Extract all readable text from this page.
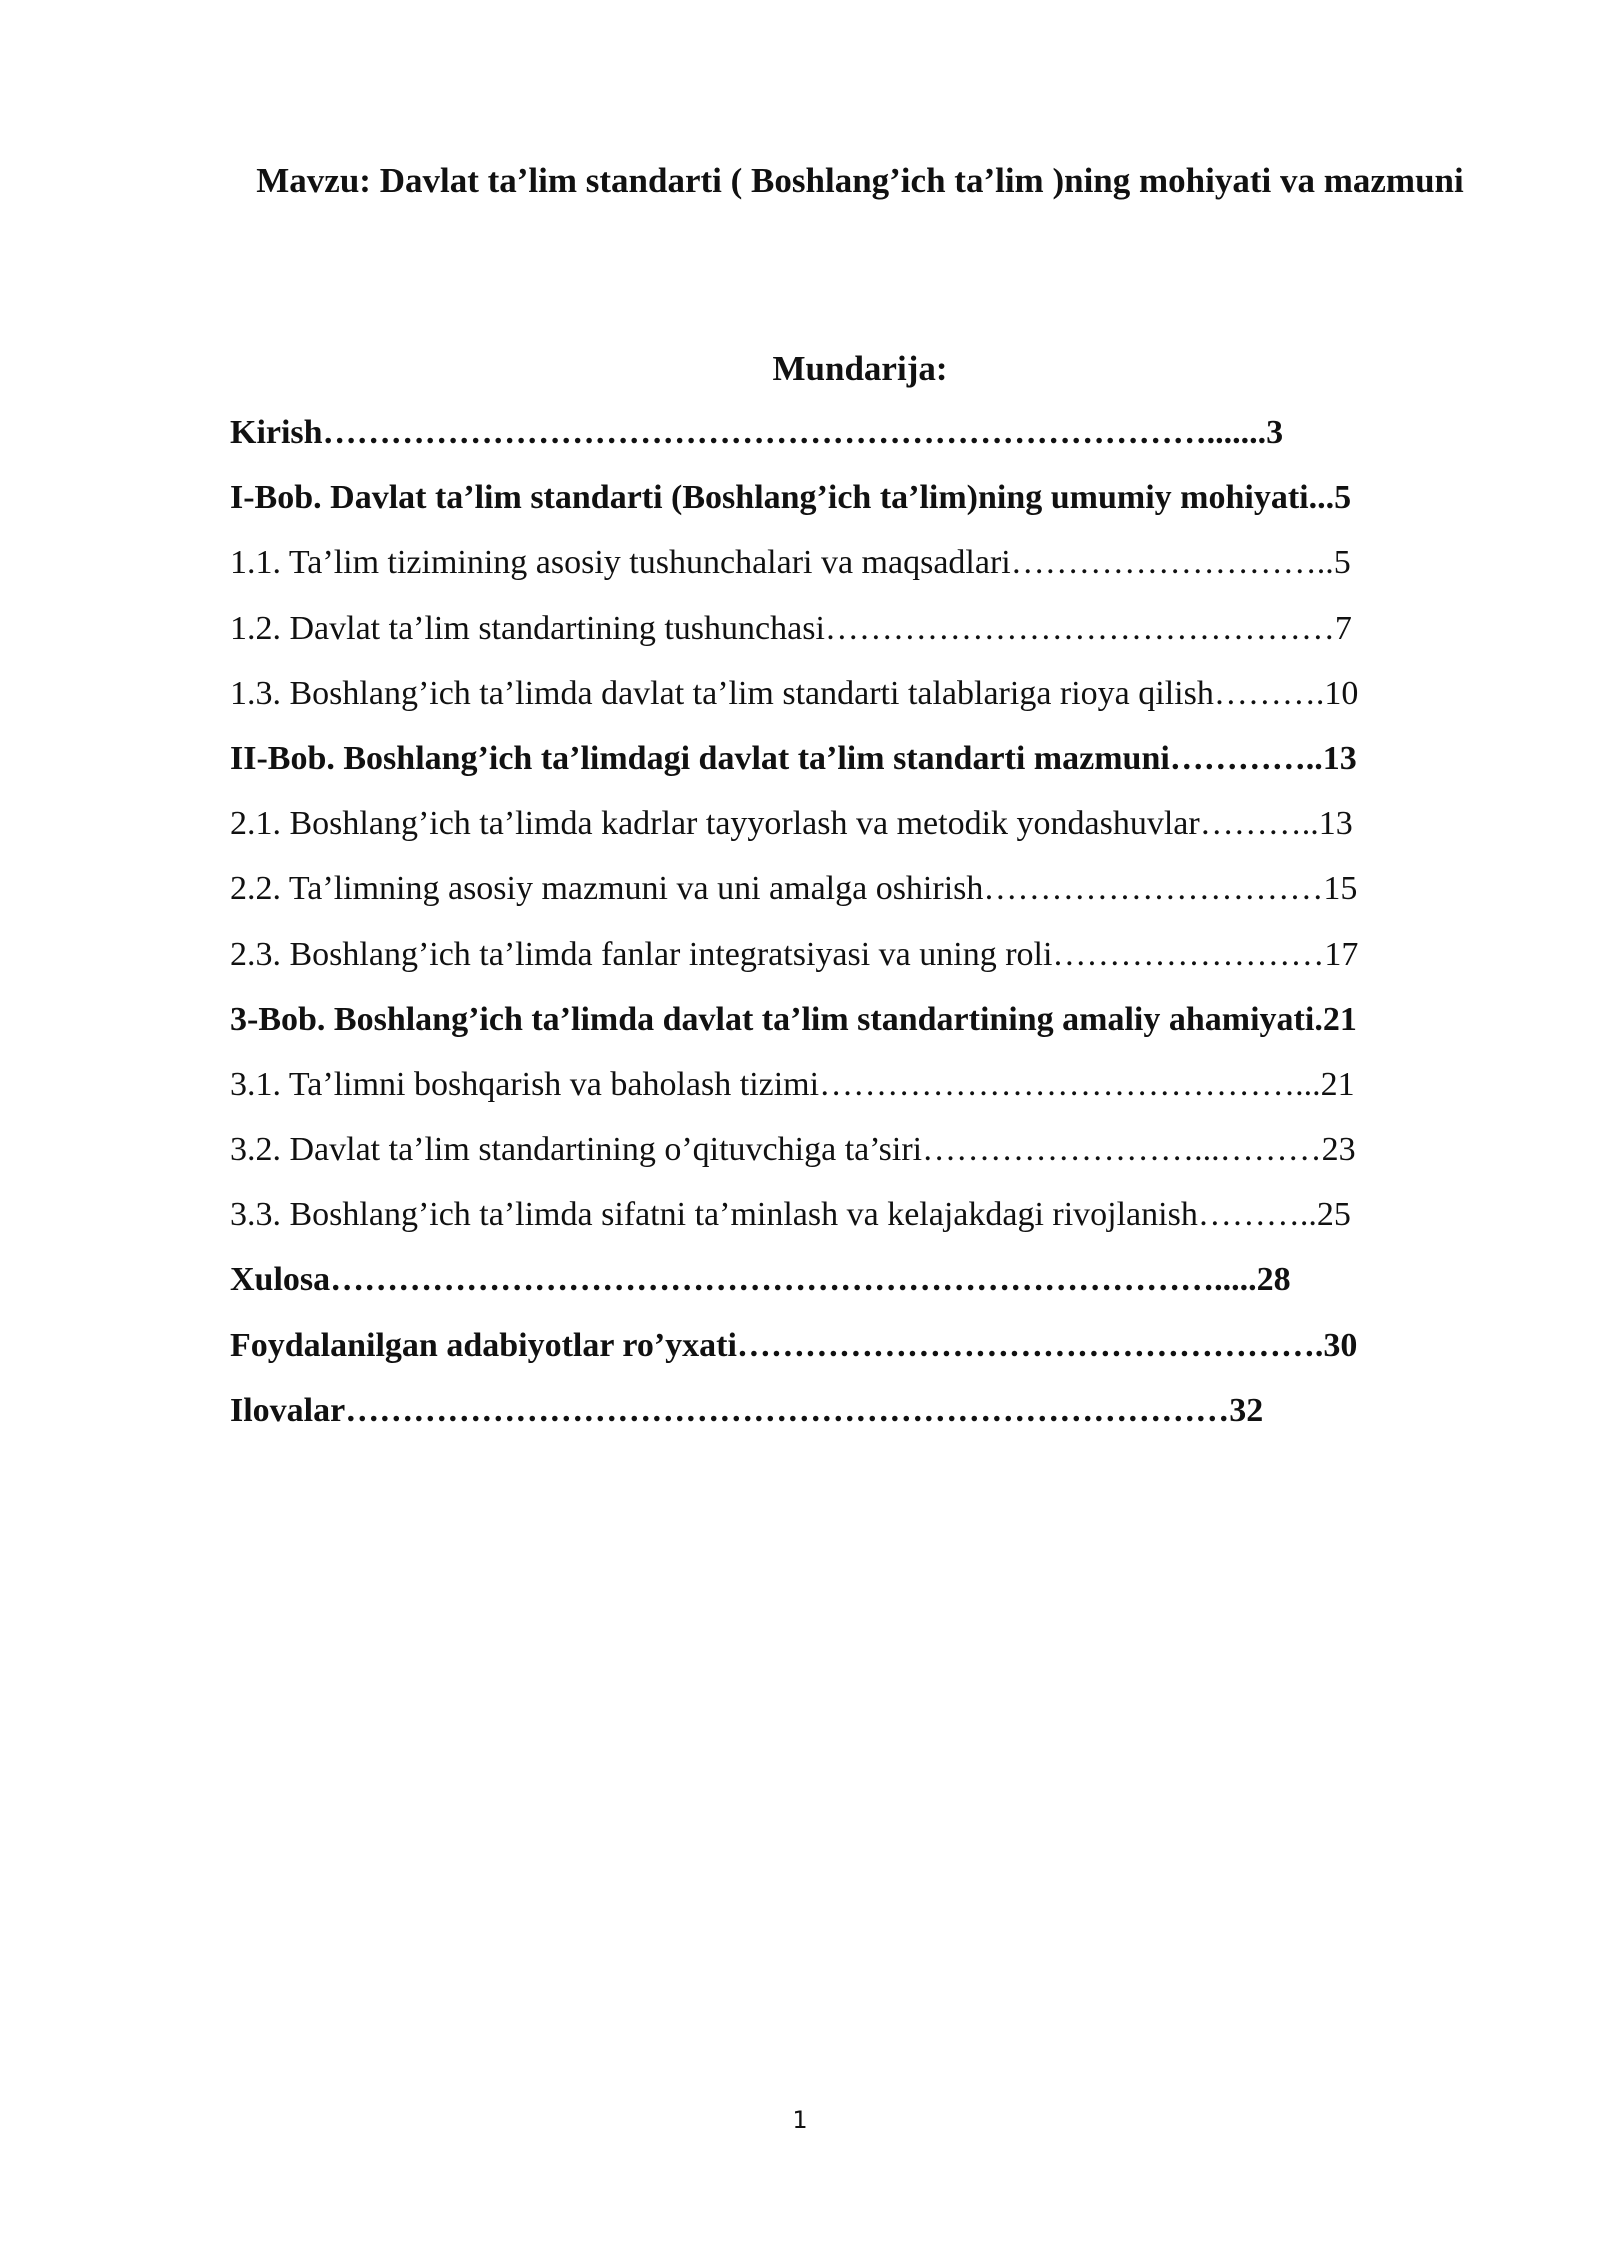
Mavzu: Davlat ta’lim standarti ( Boshlang’ich ta’lim )ning mohiyati va mazmuni
Mundarija:
Kirish…………………………………………………………………….......3
I-Bob. Davlat ta’lim standarti (Boshlang’ich ta’lim)ning umumiy mohiyati...5
1.1. Ta’lim tizimining asosiy tushunchalari va maqsadlari………………………..5
1.2. Davlat ta’lim standartining tushunchasi………………………………………7
1.3. Boshlang’ich ta’limda davlat ta’lim standarti talablariga rioya qilish……….10
II-Bob. Boshlang’ich ta’limdagi davlat ta’lim standarti mazmuni…………..13
2.1. Boshlang’ich ta’limda kadrlar tayyorlash va metodik yondashuvlar………..13
2.2. Ta’limning asosiy mazmuni va uni amalga oshirish…………………………15
2.3. Boshlang’ich ta’limda fanlar integratsiyasi va uning roli……………………17
3-Bob. Boshlang’ich ta’limda davlat ta’lim standartining amaliy ahamiyati.21
3.1. Ta’limni boshqarish va baholash tizimi……………………………………...21
3.2. Davlat ta’lim standartining o’qituvchiga ta’siri……………………...………23
3.3. Boshlang’ich ta’limda sifatni ta’minlash va kelajakdagi rivojlanish………..25
Xulosa…………………………………………………………………….....28
Foydalanilgan adabiyotlar ro’yxati…………………………………………….30
Ilovalar……………………………………………………………………32
1
